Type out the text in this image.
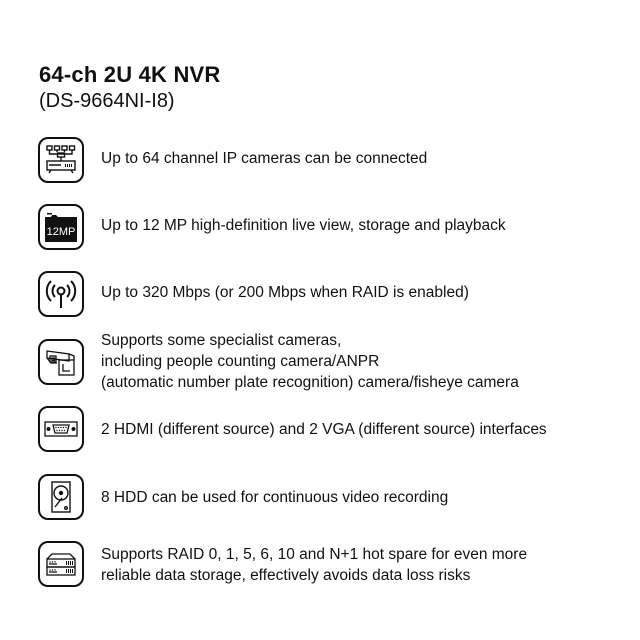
64-ch 2U 4K NVR
(DS-9664NI-I8)
Up to 64 channel IP cameras can be connected
12MP Up to 12 MP high-definition live view, storage and playback
Up to 320 Mbps (or 200 Mbps when RAID is enabled)
Supports some specialist cameras,
including people counting camera/ANPR
(automatic number plate recognition) camera/fisheye camera
2 HDMI (different source) and 2 VGA (different source) interfaces
8 HDD can be used for continuous video recording
Supports RAID 0, 1, 5, 6, 10 and N+1 hot spare for even more
reliable data storage, effectively avoids data loss risks
